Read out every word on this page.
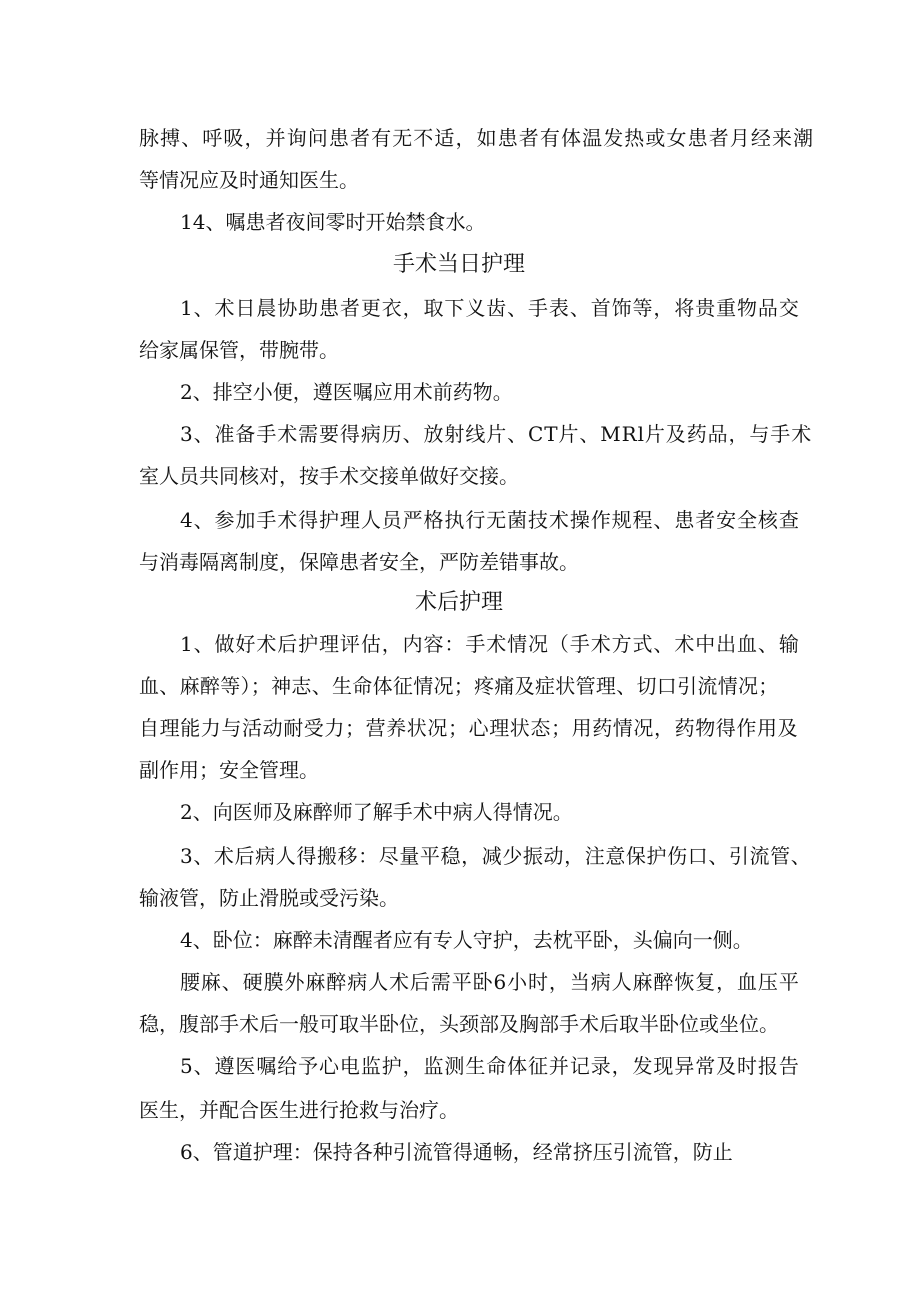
脉搏、呼吸，并询问患者有无不适，如患者有体温发热或女患者月经来潮

等情况应及时通知医生。

14、嘱患者夜间零时开始禁食水。

手术当日护理

1、术日晨协助患者更衣，取下义齿、手表、首饰等，将贵重物品交

给家属保管，带腕带。

2、排空小便，遵医嘱应用术前药物。

3、准备手术需要得病历、放射线片、CT片、MRl片及药品，与手术

室人员共同核对，按手术交接单做好交接。

4、参加手术得护理人员严格执行无菌技术操作规程、患者安全核查

与消毒隔离制度，保障患者安全，严防差错事故。

术后护理

1、做好术后护理评估，内容：手术情况（手术方式、术中出血、输

血、麻醉等）；神志、生命体征情况；疼痛及症状管理、切口引流情况；

自理能力与活动耐受力；营养状况；心理状态；用药情况，药物得作用及

副作用；安全管理。

2、向医师及麻醉师了解手术中病人得情况。

3、术后病人得搬移：尽量平稳，减少振动，注意保护伤口、引流管、

输液管，防止滑脱或受污染。

4、卧位：麻醉未清醒者应有专人守护，去枕平卧，头偏向一侧。

腰麻、硬膜外麻醉病人术后需平卧6小时，当病人麻醉恢复，血压平

稳，腹部手术后一般可取半卧位，头颈部及胸部手术后取半卧位或坐位。

5、遵医嘱给予心电监护，监测生命体征并记录，发现异常及时报告

医生，并配合医生进行抢救与治疗。

6、管道护理：保持各种引流管得通畅，经常挤压引流管，防止
